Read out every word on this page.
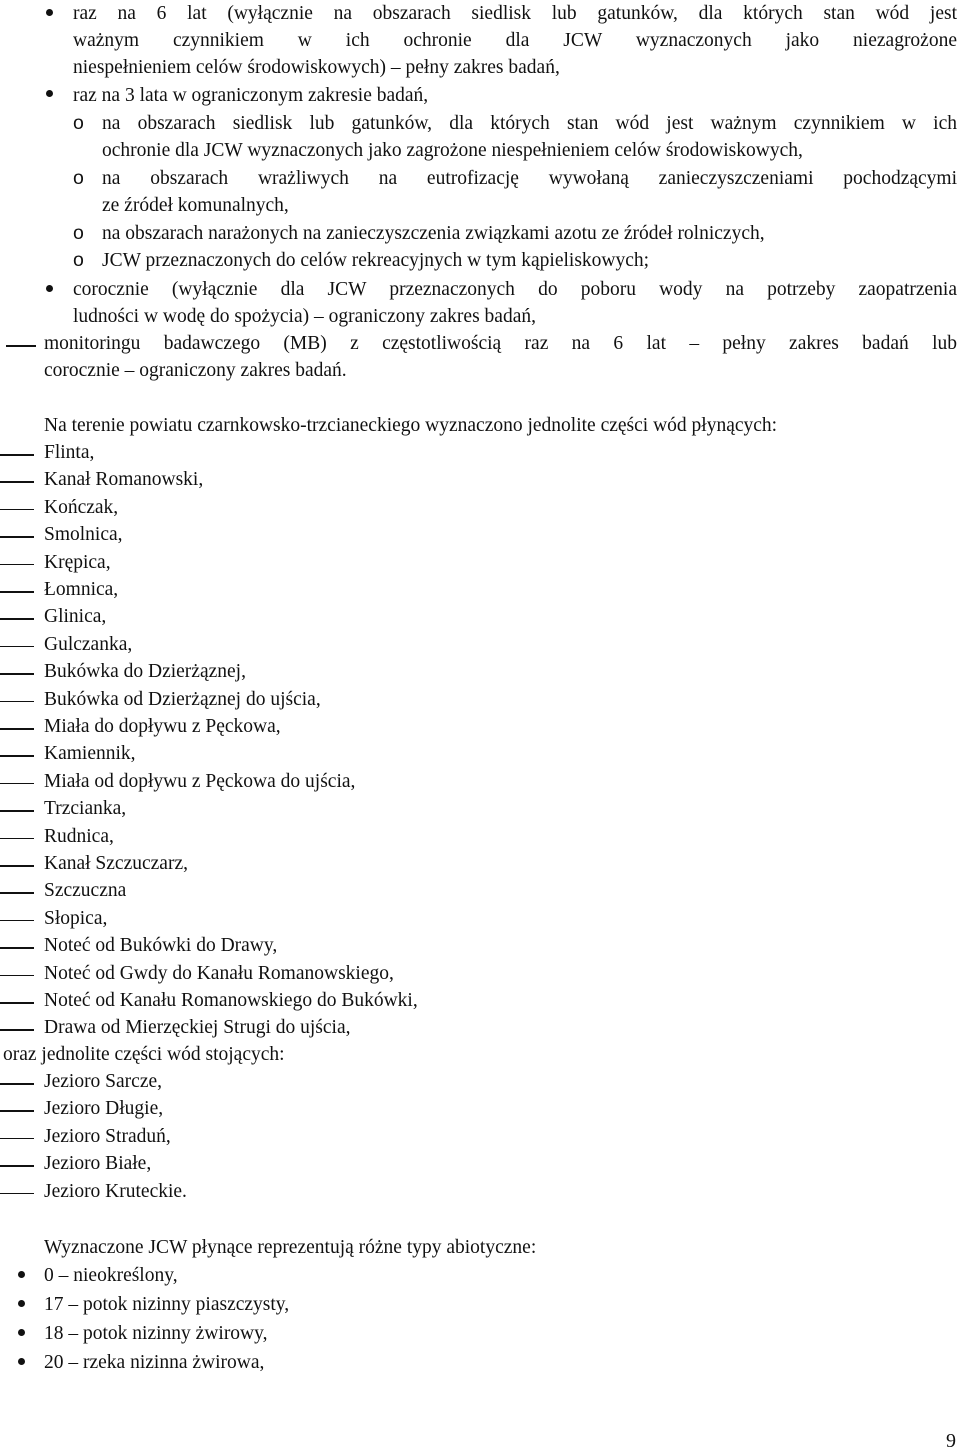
raz na 6 lat (wyłącznie na obszarach siedlisk lub gatunków, dla których stan wód jest
ważnym czynnikiem w ich ochronie dla JCW wyznaczonych jako niezagrożone
niespełnieniem celów środowiskowych) – pełny zakres badań,
raz na 3 lata w ograniczonym zakresie badań,
o na obszarach siedlisk lub gatunków, dla których stan wód jest ważnym czynnikiem w ich
ochronie dla JCW wyznaczonych jako zagrożone niespełnieniem celów środowiskowych,
o na obszarach wrażliwych na eutrofizację wywołaną zanieczyszczeniami pochodzącymi
ze źródeł komunalnych,
o na obszarach narażonych na zanieczyszczenia związkami azotu ze źródeł rolniczych,
o JCW przeznaczonych do celów rekreacyjnych w tym kąpieliskowych;
corocznie (wyłącznie dla JCW przeznaczonych do poboru wody na potrzeby zaopatrzenia
ludności w wodę do spożycia) – ograniczony zakres badań,
monitoringu badawczego (MB) z częstotliwością raz na 6 lat – pełny zakres badań lub
corocznie – ograniczony zakres badań.
Na terenie powiatu czarnkowsko-trzcianeckiego wyznaczono jednolite części wód płynących:
Flinta,
Kanał Romanowski,
Kończak,
Smolnica,
Krępica,
Łomnica,
Glinica,
Gulczanka,
Bukówka do Dzierżąznej,
Bukówka od Dzierżąznej do ujścia,
Miała do dopływu z Pęckowa,
Kamiennik,
Miała od dopływu z Pęckowa do ujścia,
Trzcianka,
Rudnica,
Kanał Szczuczarz,
Szczuczna
Słopica,
Noteć od Bukówki do Drawy,
Noteć od Gwdy do Kanału Romanowskiego,
Noteć od Kanału Romanowskiego do Bukówki,
Drawa od Mierzęckiej Strugi do ujścia,
oraz jednolite części wód stojących:
Jezioro Sarcze,
Jezioro Długie,
Jezioro Straduń,
Jezioro Białe,
Jezioro Kruteckie.
Wyznaczone JCW płynące reprezentują różne typy abiotyczne:
0 – nieokreślony,
17 – potok nizinny piaszczysty,
18 – potok nizinny żwirowy,
20 – rzeka nizinna żwirowa,
9
